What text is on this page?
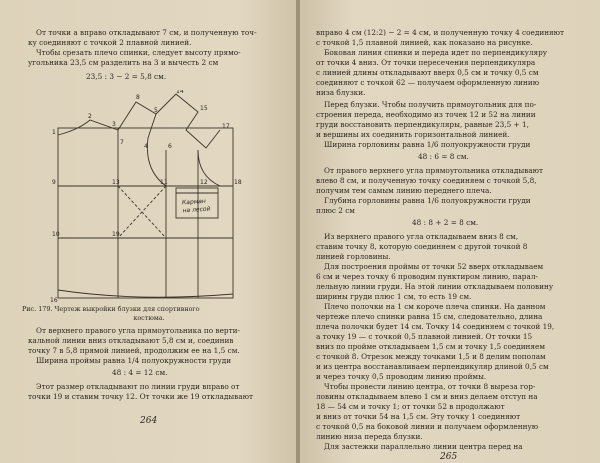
От точки а вправо откладывают 7 см, и полученную точ-
ку соединяют с точкой 2 плавной линией.
Чтобы срезать плечо спинки, следует высоту прямо-
угольника 23,5 см разделить на 3 и вычесть 2 см
23,5 : 3 − 2 = 5,8 см.
Карманна лесой
16
8
14
2
1
3
5	15
7
6
4
17
18
11	12
13
9
10	19
Рис. 179. Чертеж выкройки блузки для спортивного
костюма.
От верхнего правого угла прямоугольника по верти-
кальной линии вниз откладывают 5,8 см и, соединив
точку 7 в 5,8 прямой линией, продолжим ее на 1,5 см.
Ширина проймы равна 1/4 полуокружности груди
48 : 4 = 12 см.
Этот размер откладывают по линии груди вправо от
точки 19 и ставим точку 12. От точки же 19 откладывают
264
вправо 4 см (12:2) − 2 = 4 см, и полученную точку 4 соединяют
с точкой 1,5 плавной линией, как показано на рисунке.
Боковая линия спинки и переда идет по перпендикуляру
от точки 4 вниз. От точки пересечения перпендикуляра
с линией длины откладывают вверх 0,5 см и точку 0,5 см
соединяют с точкой 62 — получаем оформленную линию
низа блузки.
Перед блузки. Чтобы получить прямоугольник для по-
строения переда, необходимо из точек 12 и 52 на линии
груди восстановить перпендикуляры, равные 23,5 + 1,
и вершины их соединить горизонтальной линией.
Ширина горловины равна 1/6 полуокружности груди
48 : 6 = 8 см.
От правого верхнего угла прямоугольника откладывают
влево 8 см, и полученную точку соединяем с точкой 5,8,
получим тем самым линию переднего плеча.
Глубина горловины равна 1/6 полуокружности груди
плюс 2 см
48 : 8 + 2 = 8 см.
Из верхнего правого угла откладываем вниз 8 см,
ставим точку 8, которую соединяем с другой точкой 8
линией горловины.
Для построения проймы от точки 52 вверх откладываем
6 см и через точку 6 проводим пунктиром линию, парал-
лельную линии груди. На этой линии откладываем половину
ширины груди плюс 1 см, то есть 19 см.
Плечо полочки на 1 см короче плеча спинки. На данном
чертеже плечо спинки равна 15 см, следовательно, длина
плеча полочки будет 14 см. Точку 14 соединяем с точкой 19,
а точку 19 — с точкой 0,5 плавной линией. От точки 15
вниз по пройме откладываем 1,5 см и точку 1,5 соединяем
с точкой 8. Отрезок между точками 1,5 и 8 делим пополам
и из центра восстанавливаем перпендикуляр длиной 0,5 см
и через точку 0,5 проводим линию проймы.
Чтобы провести линию центра, от точки 8 выреза гор-
ловины откладываем влево 1 см и вниз делаем отступ на
18 — 54 см и точку 1; от точки 52 в продолжают
и вниз от точки 54 на 1,5 см. Эту точку 1 соединяют
с точкой 0,5 на боковой линии и получаем оформленную
линию низа переда блузки.
Для застежки параллельно линии центра перед на
265
